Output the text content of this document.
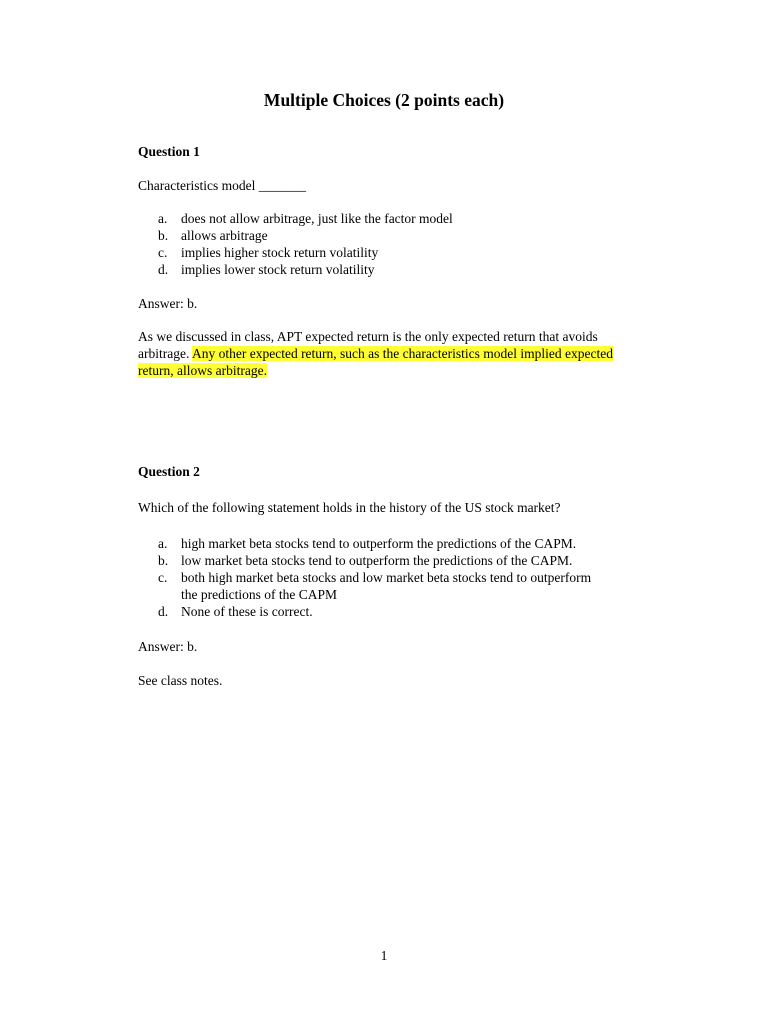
Multiple Choices (2 points each)
Question 1
Characteristics model _______
a. does not allow arbitrage, just like the factor model
b. allows arbitrage
c. implies higher stock return volatility
d. implies lower stock return volatility
Answer: b.
As we discussed in class, APT expected return is the only expected return that avoids arbitrage. Any other expected return, such as the characteristics model implied expected return, allows arbitrage.
Question 2
Which of the following statement holds in the history of the US stock market?
a. high market beta stocks tend to outperform the predictions of the CAPM.
b. low market beta stocks tend to outperform the predictions of the CAPM.
c. both high market beta stocks and low market beta stocks tend to outperform the predictions of the CAPM
d. None of these is correct.
Answer: b.
See class notes.
1
